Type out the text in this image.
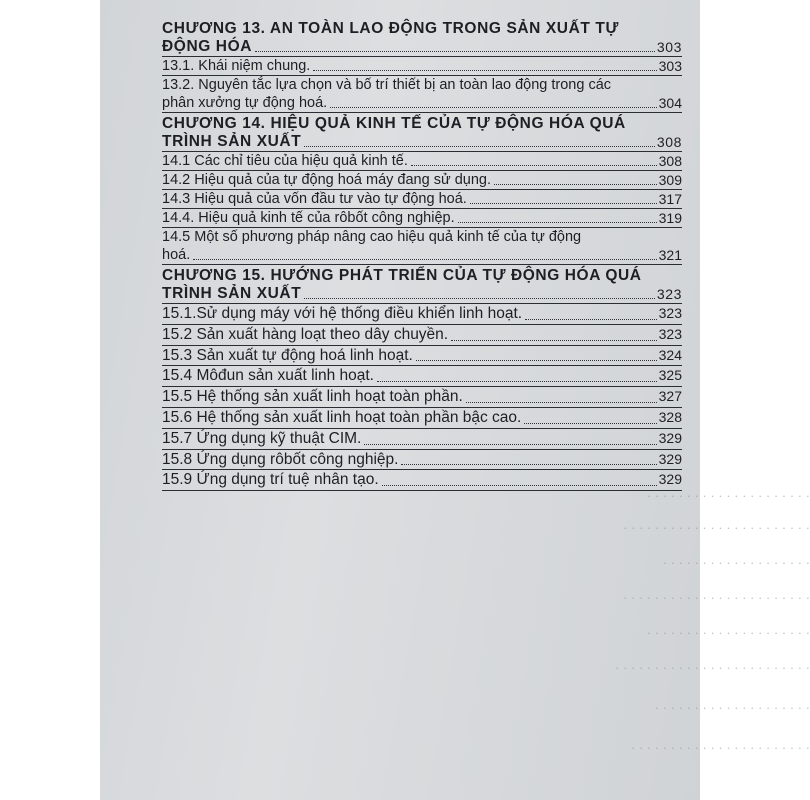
· · · · · · · · · · · · · · · · · · · · ·
· · · · · · · · · · · · · · · · · · · · · · · ·
· · · · · · · · · · · · · · · · · · ·
· · · · · · · · · · · · · · · · · · · · · · · ·
· · · · · · · · · · · · · · · · · · · · ·
· · · · · · · · · · · · · · · · · · · · · · · · ·
· · · · · · · · · · · · · · · · · · · ·
· · · · · · · · · · · · · · · · · · · · · · ·
CHƯƠNG 13. AN TOÀN LAO ĐỘNG TRONG SẢN XUẤT TỰ
ĐỘNG HÓA	303
13.1. Khái niệm chung.	303
13.2. Nguyên tắc lựa chọn và bố trí thiết bị an toàn lao động trong các
phân xưởng tự động hoá.	304
CHƯƠNG 14. HIỆU QUẢ KINH TẾ CỦA TỰ ĐỘNG HÓA QUÁ
TRÌNH SẢN XUẤT	308
14.1 Các chỉ tiêu của hiệu quả kinh tế.	308
14.2 Hiệu quả của tự động hoá máy đang sử dụng.	309
14.3 Hiệu quả của vốn đầu tư vào tự động hoá.	317
14.4. Hiệu quả kinh tế của rôbốt công nghiệp.	319
14.5 Một số phương pháp nâng cao hiệu quả kinh tế của tự động
hoá.	321
CHƯƠNG 15. HƯỚNG PHÁT TRIỂN CỦA TỰ ĐỘNG HÓA QUÁ
TRÌNH SẢN XUẤT	323
15.1.Sử dụng máy với hệ thống điều khiển linh hoạt.	323
15.2 Sản xuất hàng loạt theo dây chuyền.	323
15.3 Sản xuất tự động hoá linh hoạt.	324
15.4 Môđun sản xuất linh hoạt.	325
15.5 Hệ thống sản xuất linh hoạt toàn phần.	327
15.6 Hệ thống sản xuất linh hoạt toàn phần bậc cao.	328
15.7 Ứng dụng kỹ thuật CIM.	329
15.8 Ứng dụng rôbốt công nghiệp.	329
15.9 Ứng dụng trí tuệ nhân tạo.	329
